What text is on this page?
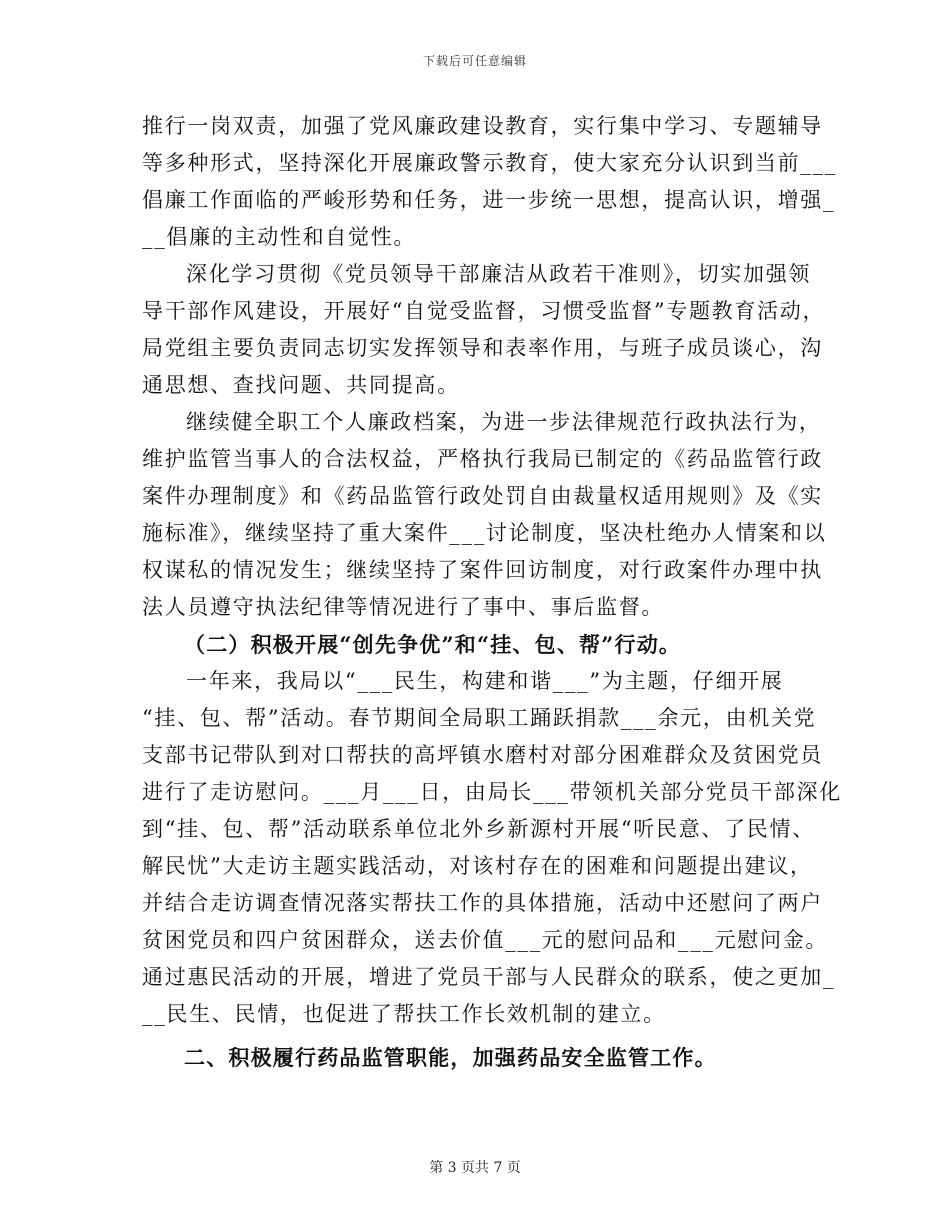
下载后可任意编辑
推行一岗双责，加强了党风廉政建设教育，实行集中学习、专题辅导
等多种形式，坚持深化开展廉政警示教育，使大家充分认识到当前___
倡廉工作面临的严峻形势和任务，进一步统一思想，提高认识，增强_
__倡廉的主动性和自觉性。
深化学习贯彻《党员领导干部廉洁从政若干准则》，切实加强领
导干部作风建设，开展好“自觉受监督，习惯受监督”专题教育活动，
局党组主要负责同志切实发挥领导和表率作用，与班子成员谈心，沟
通思想、查找问题、共同提高。
继续健全职工个人廉政档案，为进一步法律规范行政执法行为，
维护监管当事人的合法权益，严格执行我局已制定的《药品监管行政
案件办理制度》和《药品监管行政处罚自由裁量权适用规则》及《实
施标准》，继续坚持了重大案件___讨论制度，坚决杜绝办人情案和以
权谋私的情况发生；继续坚持了案件回访制度，对行政案件办理中执
法人员遵守执法纪律等情况进行了事中、事后监督。
（二）积极开展“创先争优”和“挂、包、帮”行动。
一年来，我局以“___民生，构建和谐___”为主题，仔细开展
“挂、包、帮”活动。春节期间全局职工踊跃捐款___余元，由机关党
支部书记带队到对口帮扶的高坪镇水磨村对部分困难群众及贫困党员
进行了走访慰问。___月___日，由局长___带领机关部分党员干部深化
到“挂、包、帮”活动联系单位北外乡新源村开展“听民意、了民情、
解民忧”大走访主题实践活动，对该村存在的困难和问题提出建议，
并结合走访调查情况落实帮扶工作的具体措施，活动中还慰问了两户
贫困党员和四户贫困群众，送去价值___元的慰问品和___元慰问金。
通过惠民活动的开展，增进了党员干部与人民群众的联系，使之更加_
__民生、民情，也促进了帮扶工作长效机制的建立。
二、积极履行药品监管职能，加强药品安全监管工作。
第 3 页共 7 页
